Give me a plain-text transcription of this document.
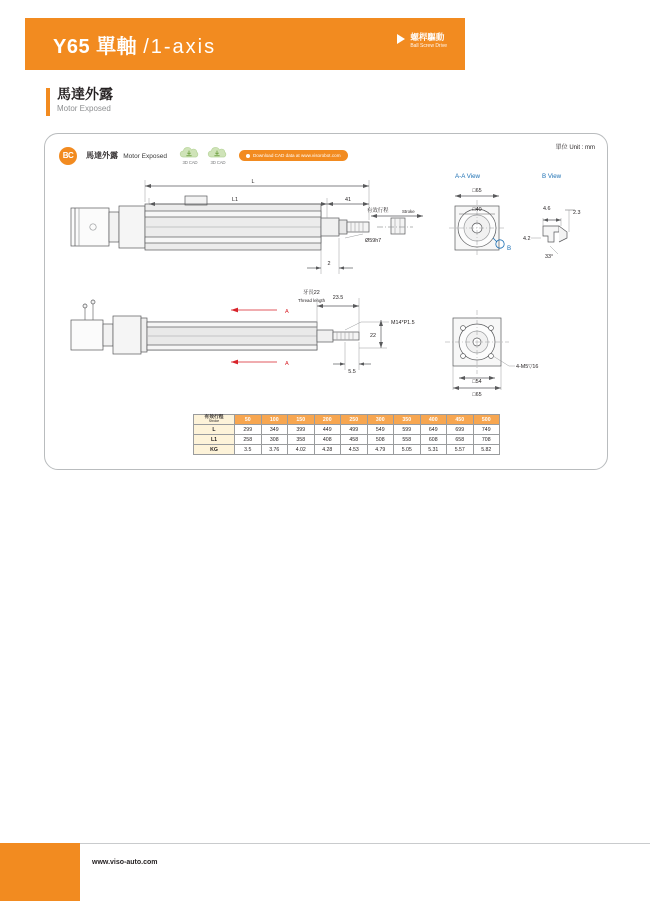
Y65 單軸 /1-axis	螺桿驅動
Ball Screw Drive
馬達外露
Motor Exposed
單位 Unit : mm
BC	馬達外露 Motor Exposed
3D CAD	3D CAD
Download CAD data at www.visorobot.com
L
L1	41
有效行程	Stroke
Ø59h7
2
牙長22
Thread length 23.5
M14*P1.5
22
5.5
A
A
A-A View	B View
□65
□40
B
4.6
2.3
4.2
33°
□54
□65
4-M5▽16
有效行程
Stroke	50	100	150	200	250	300	350	400	450	500
L	299	349	399	449	499	549	599	649	699	749
L1	258	308	358	408	458	508	558	608	658	708
KG	3.5	3.76	4.02	4.28	4.53	4.79	5.05	5.31	5.57	5.82
www.viso-auto.com
